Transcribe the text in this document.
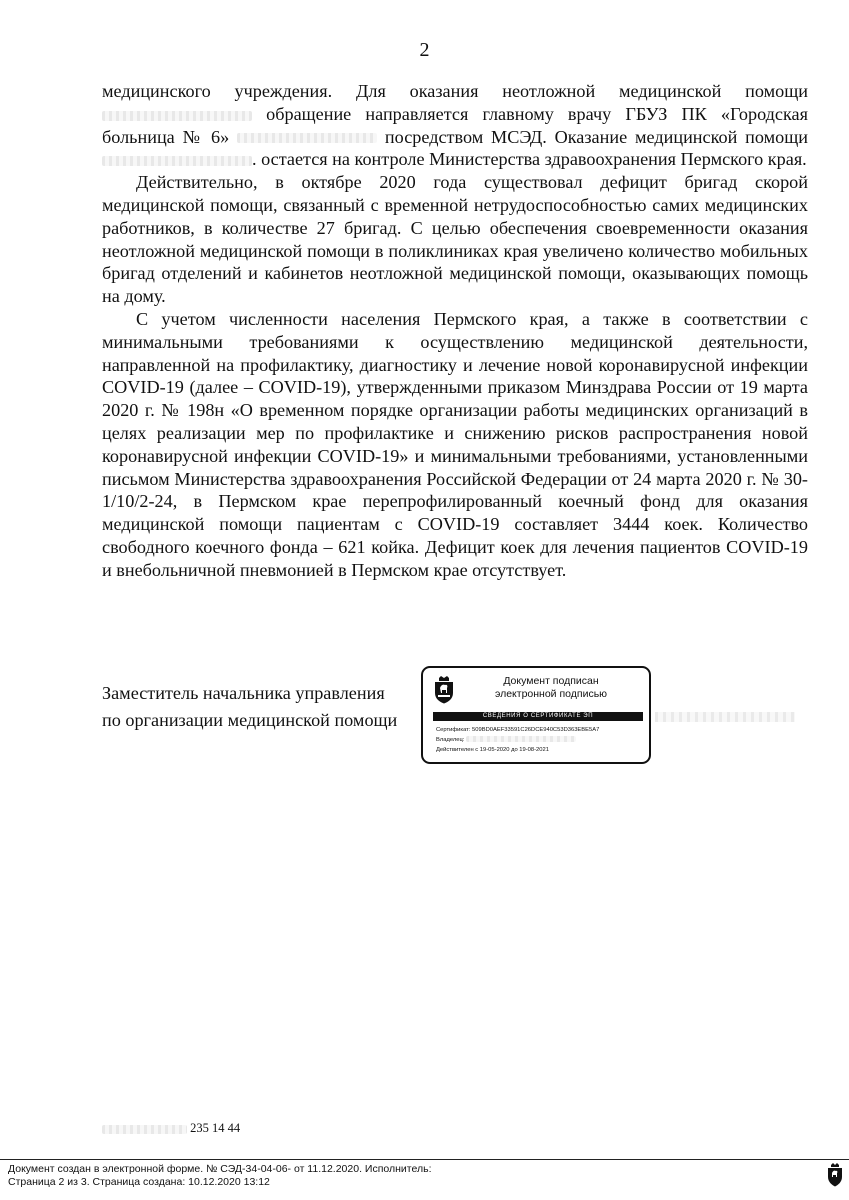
2

медицинского учреждения. Для оказания неотложной медицинской помощи  обращение направляется главному врачу ГБУЗ ПК «Городская больница № 6»	посредством МСЭД. Оказание медицинской помощи . остается на контроле Министерства здравоохранения Пермского края.

Действительно, в октябре 2020 года существовал дефицит бригад скорой медицинской помощи, связанный с временной нетрудоспособностью самих медицинских работников, в количестве 27 бригад. С целью обеспечения своевременности оказания неотложной медицинской помощи в поликлиниках края увеличено количество мобильных бригад отделений и кабинетов неотложной медицинской помощи, оказывающих помощь на дому.

С учетом численности населения Пермского края, а также в соответствии с минимальными требованиями к осуществлению медицинской деятельности, направленной на профилактику, диагностику и лечение новой коронавирусной инфекции COVID-19 (далее – COVID-19), утвержденными приказом Минздрава России от 19 марта 2020 г. № 198н «О временном порядке организации работы медицинских организаций в целях реализации мер по профилактике и снижению рисков распространения новой коронавирусной инфекции COVID-19» и минимальными требованиями, установленными письмом Министерства здравоохранения Российской Федерации от 24 марта 2020 г. № 30-1/10/2-24, в Пермском крае перепрофилированный коечный фонд для оказания медицинской помощи пациентам с COVID-19 составляет 3444 коек. Количество свободного коечного фонда – 621 койка. Дефицит коек для лечения пациентов COVID-19 и внебольничной пневмонией в Пермском крае отсутствует.

Заместитель начальника управления
по организации медицинской помощи
Документ подписан
электронной подписью
СВЕДЕНИЯ О СЕРТИФИКАТЕ ЭП
Сертификат: 509BD0AEF33591C26DCE940C53D363EBE5A7
Владелец:
Действителен с 19-05-2020 до 19-08-2021
235 14 44
Документ создан в электронной форме. № СЭД-34-04-06- от 11.12.2020. Исполнитель:
Страница 2 из 3. Страница создана: 10.12.2020 13:12
